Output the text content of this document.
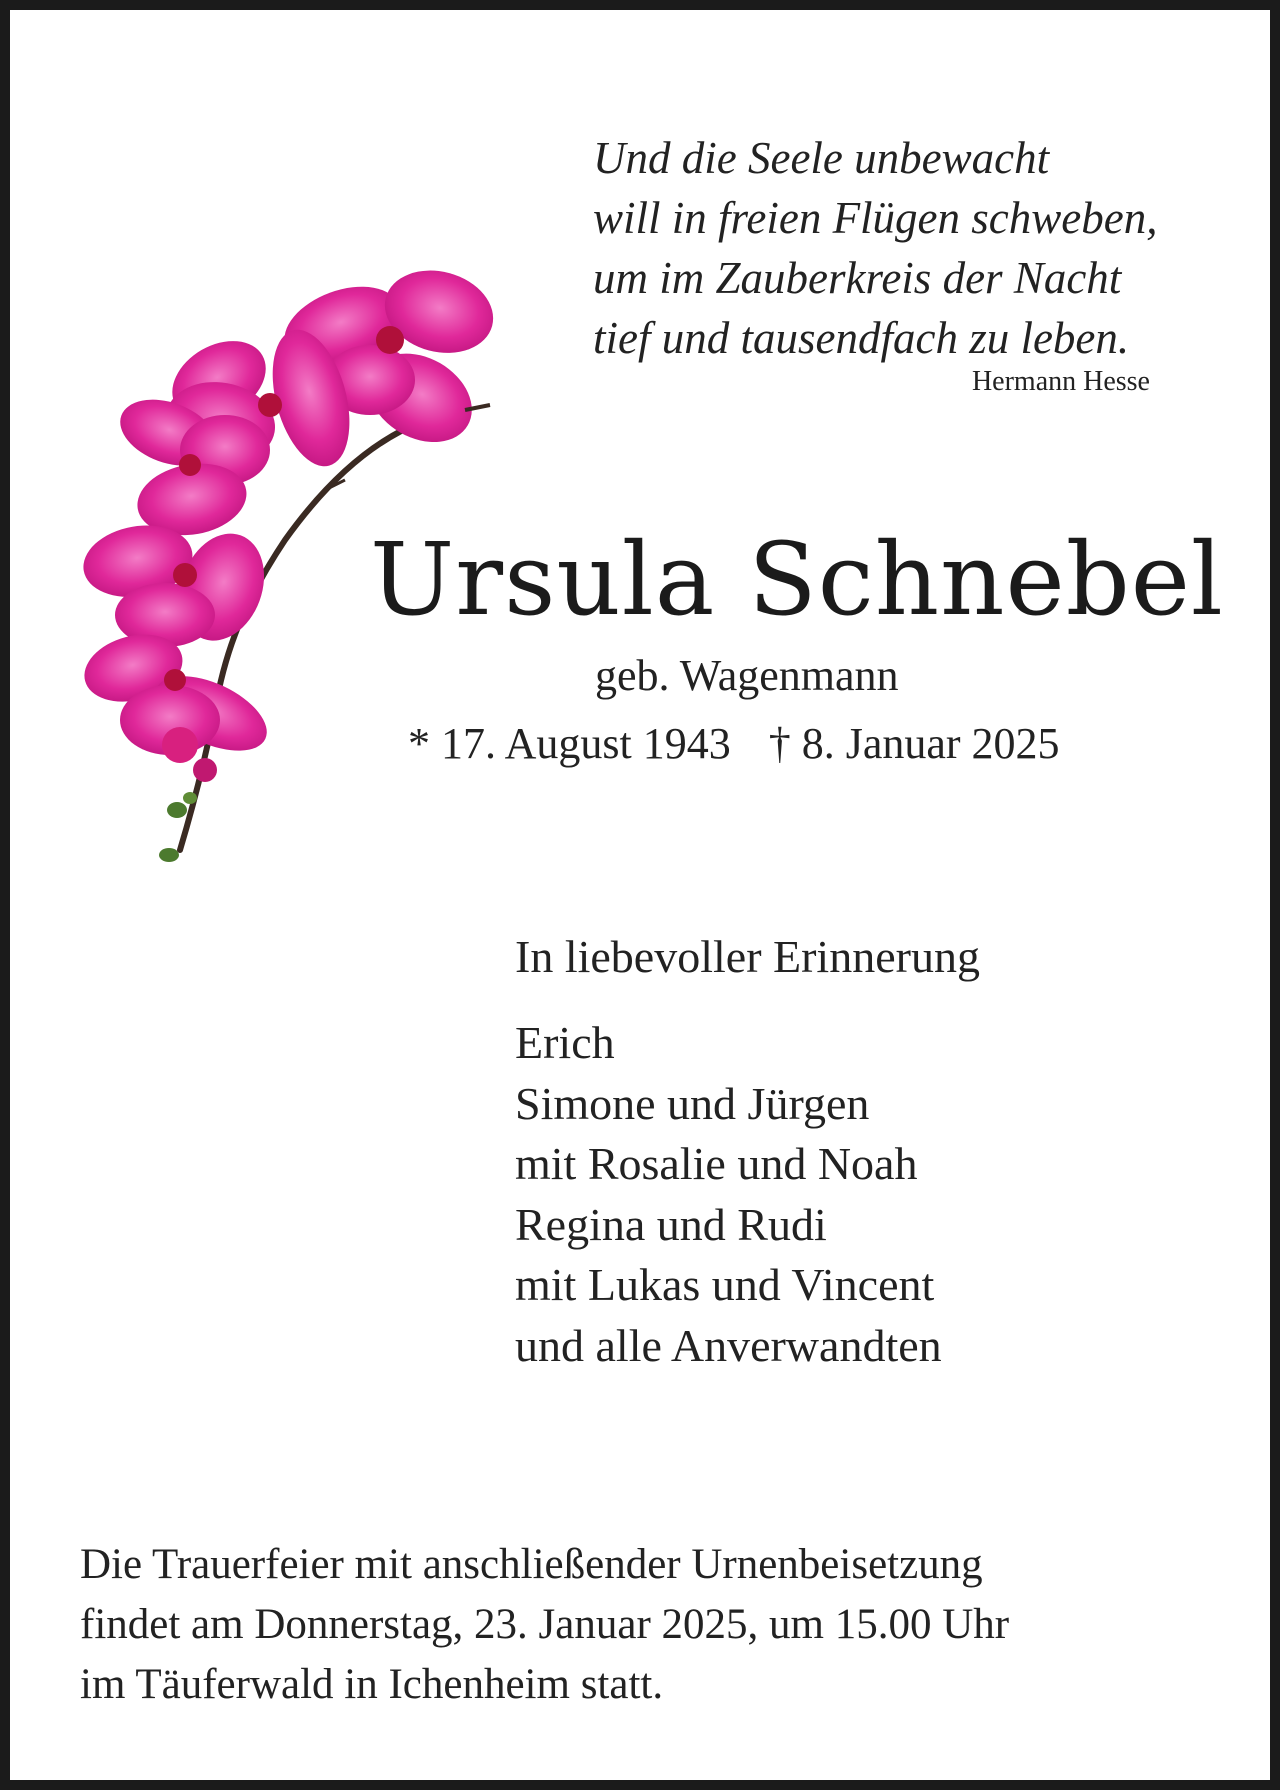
Und die Seele unbewacht
will in freien Flügen schweben,
um im Zauberkreis der Nacht
tief und tausendfach zu leben.
Hermann Hesse
Ursula Schnebel
geb. Wagenmann
* 17. August 1943 † 8. Januar 2025
In liebevoller Erinnerung
Erich
Simone und Jürgen
mit Rosalie und Noah
Regina und Rudi
mit Lukas und Vincent
und alle Anverwandten
Die Trauerfeier mit anschließender Urnenbeisetzung
findet am Donnerstag, 23. Januar 2025, um 15.00 Uhr
im Täuferwald in Ichenheim statt.
